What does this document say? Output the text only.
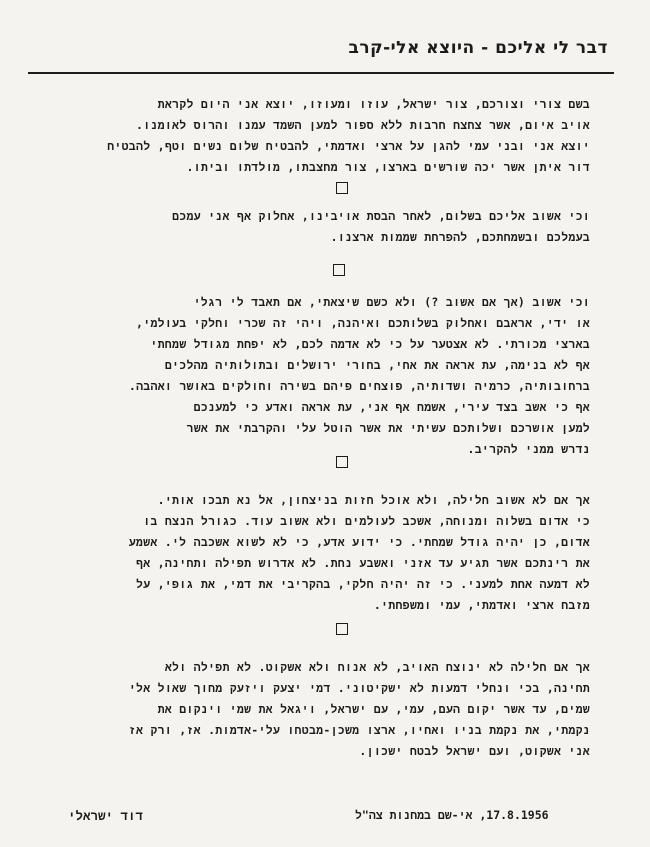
דבר לי אליכם - היוצא אלי-קרב
בשם צורי וצורכם, צור ישראל, עוזו ומעוזו, יוצא אני היום לקראת
אויב איום, אשר צחצח חרבות ללא ספור למען השמד עמנו והרוס לאומנו.
יוצא אני ובני עמי להגן על ארצי ואדמתי, להבטיח שלום נשים וטף, להבטיח
דור איתן אשר יכה שורשים בארצו, צור מחצבתו, מולדתו וביתו.
וכי אשוב אליכם בשלום, לאחר הבסת אויבינו, אחלוק אף אני עמכם
בעמלכם ובשמחתכם, להפרחת שממות ארצנו.
וכי אשוב (אך אם אשוב ?) ולא כשם שיצאתי, אם תאבד לי רגלי
או ידי, אראבם ואחלוק בשלותכם ואיהנה, ויהי זה שכרי וחלקי בעולמי,
בארצי מכורתי. לא אצטער על כי לא אדמה לכם, לא יפחת מגודל שמחתי
אף לא בנימה, עת אראה את אחי, בחורי ירושלים ובתולותיה מהלכים
ברחובותיה, כרמיה ושדותיה, פוצחים פיהם בשירה וחולקים באושר ואהבה.
אף כי אשב בצד עירי, אשמח אף אני, עת אראה ואדע כי למענכם
למען אושרכם ושלותכם עשיתי את אשר הוטל עלי והקרבתי את אשר
נדרש ממני להקריב.
אך אם לא אשוב חלילה, ולא אוכל חזות בניצחון, אל נא תבכו אותי.
כי אדום בשלוה ומנוחה, אשכב לעולמים ולא אשוב עוד. כגורל הנצח בו
אדום, כן יהיה גודל שמחתי. כי ידוע אדע, כי לא לשוא אשכבה לי. אשמע
את רינתכם אשר תגיע עד אזני ואשבע נחת. לא אדרוש תפילה ותחינה, אף
לא דמעה אחת למעני. כי זה יהיה חלקי, בהקריבי את דמי, את גופי, על
מזבח ארצי ואדמתי, עמי ומשפחתי.
אך אם חלילה לא ינוצח האויב, לא אנוח ולא אשקוט. לא תפילה ולא
תחינה, בכי ונחלי דמעות לא ישקיטוני. דמי יצעק ויזעק מחוך שאול אלי
שמים, עד אשר יקום העם, עמי, עם ישראל, ויגאל את שמי וינקום את
נקמתי, את נקמת בניו ואחיו, ארצו משכן-מבטחו עלי-אדמות. אז, ורק אז
אני אשקוט, ועם ישראל לבטח ישכון.
17.8.1956, אי-שם במחנות צה"ל
דוד ישראלי
